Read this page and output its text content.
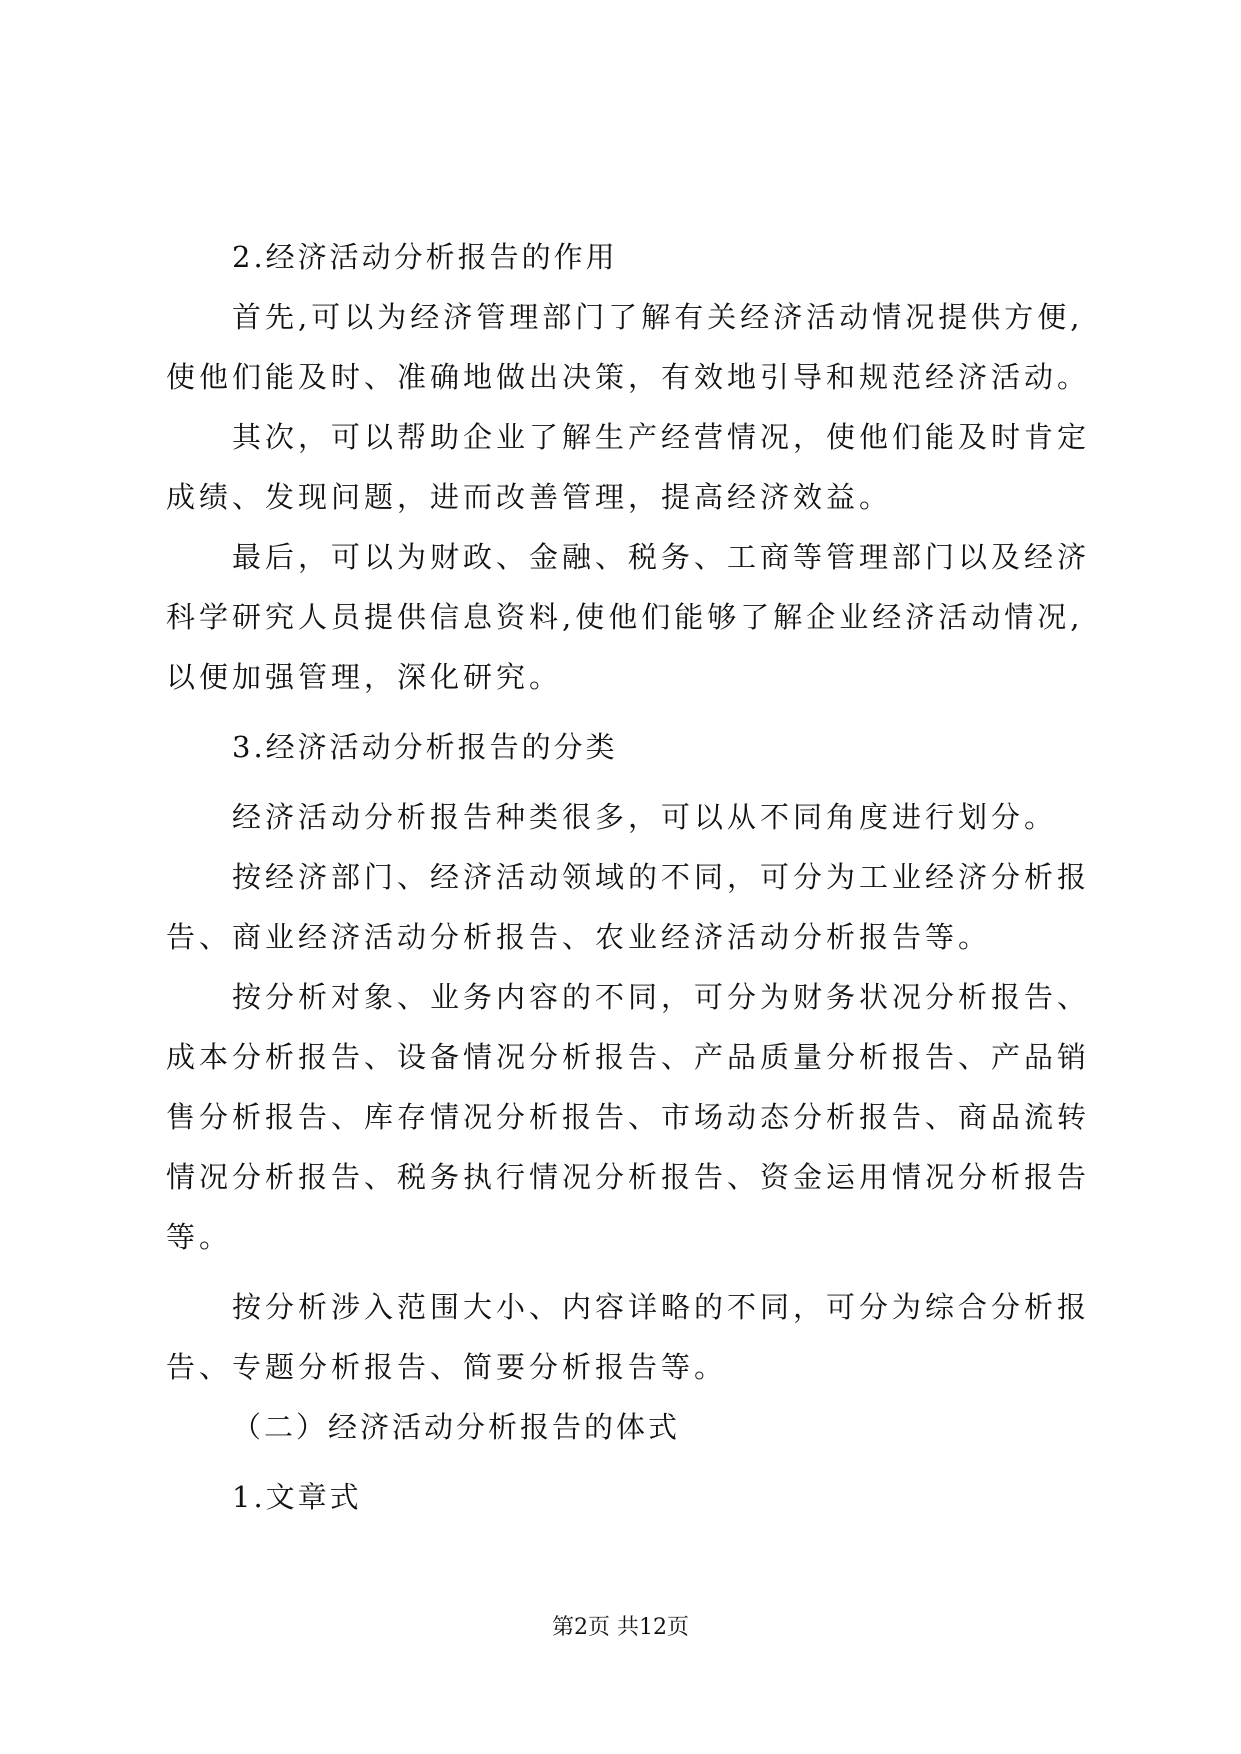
2.经济活动分析报告的作用

首先,可以为经济管理部门了解有关经济活动情况提供方便,

使他们能及时、准确地做出决策，有效地引导和规范经济活动。

其次，可以帮助企业了解生产经营情况，使他们能及时肯定

成绩、发现问题，进而改善管理，提高经济效益。

最后，可以为财政、金融、税务、工商等管理部门以及经济

科学研究人员提供信息资料,使他们能够了解企业经济活动情况,

以便加强管理，深化研究。

3.经济活动分析报告的分类

经济活动分析报告种类很多，可以从不同角度进行划分。

按经济部门、经济活动领域的不同，可分为工业经济分析报

告、商业经济活动分析报告、农业经济活动分析报告等。

按分析对象、业务内容的不同，可分为财务状况分析报告、

成本分析报告、设备情况分析报告、产品质量分析报告、产品销

售分析报告、库存情况分析报告、市场动态分析报告、商品流转

情况分析报告、税务执行情况分析报告、资金运用情况分析报告

等。

按分析涉入范围大小、内容详略的不同，可分为综合分析报

告、专题分析报告、简要分析报告等。

（二）经济活动分析报告的体式

1.文章式

第2页 共12页
